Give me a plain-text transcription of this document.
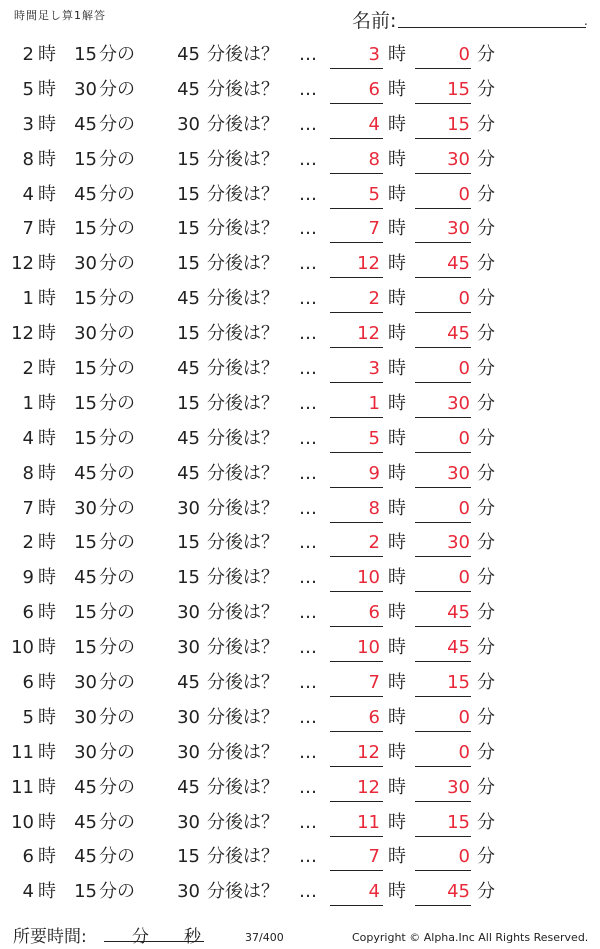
時間足し算1解答	名前:	.
2 時 15 分の 45 分後は？ …	3 時	0 分
5 時 30 分の 45 分後は？ …	6 時 15 分
3 時 45 分の 30 分後は？ …	4 時 15 分
8 時 15 分の 15 分後は？ …	8 時 30 分
4 時 45 分の 15 分後は？ …	5 時	0 分
7 時 15 分の 15 分後は？ …	7 時 30 分
12 時 30 分の 15 分後は？ … 12 時 45 分
1 時 15 分の 45 分後は？ …	2 時	0 分
12 時 30 分の 15 分後は？ … 12 時 45 分
2 時 15 分の 45 分後は？ …	3 時	0 分
1 時 15 分の 15 分後は？ …	1 時 30 分
4 時 15 分の 45 分後は？ …	5 時	0 分
8 時 45 分の 45 分後は？ …	9 時 30 分
7 時 30 分の 30 分後は？ …	8 時	0 分
2 時 15 分の 15 分後は？ …	2 時 30 分
9 時 45 分の 15 分後は？ … 10 時	0 分
6 時 15 分の 30 分後は？ …	6 時 45 分
10 時 15 分の 30 分後は？ … 10 時 45 分
6 時 30 分の 45 分後は？ …	7 時 15 分
5 時 30 分の 30 分後は？ …	6 時	0 分
11 時 30 分の 30 分後は？ … 12 時	0 分
11 時 45 分の 45 分後は？ … 12 時 30 分
10 時 45 分の 30 分後は？ … 11 時 15 分
6 時 45 分の 15 分後は？ …	7 時	0 分
4 時 15 分の 30 分後は？ …	4 時 45 分
所要時間:	分 秒	37/400	Copyright © Alpha.Inc All Rights Reserved.
